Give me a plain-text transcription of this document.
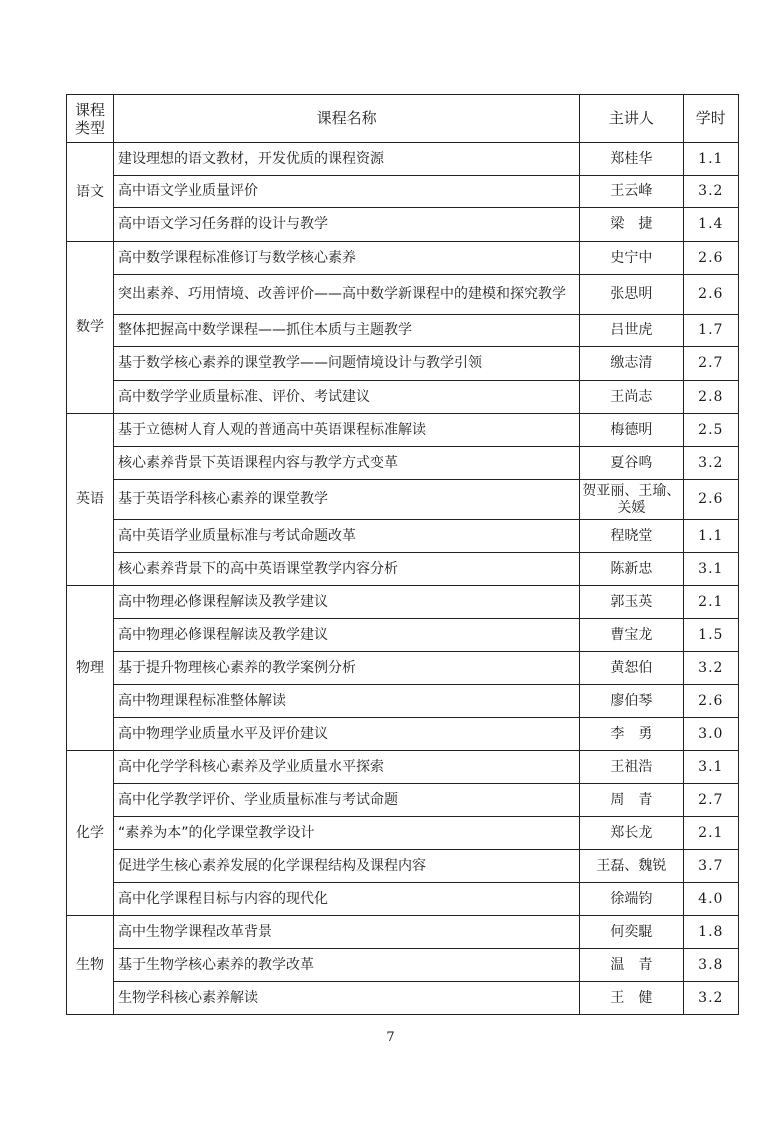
课程类型	课程名称	主讲人	学时
语文	建设理想的语文教材，开发优质的课程资源	郑桂华	1.1
	高中语文学业质量评价	王云峰	3.2
	高中语文学习任务群的设计与教学	梁　捷	1.4
数学	高中数学课程标准修订与数学核心素养	史宁中	2.6
	突出素养、巧用情境、改善评价——高中数学新课程中的建模和探究教学	张思明	2.6
	整体把握高中数学课程——抓住本质与主题教学	吕世虎	1.7
	基于数学核心素养的课堂教学——问题情境设计与教学引领	缴志清	2.7
	高中数学学业质量标准、评价、考试建议	王尚志	2.8
英语	基于立德树人育人观的普通高中英语课程标准解读	梅德明	2.5
	核心素养背景下英语课程内容与教学方式变革	夏谷鸣	3.2
	基于英语学科核心素养的课堂教学	贺亚丽、王瑜、关媛	2.6
	高中英语学业质量标准与考试命题改革	程晓堂	1.1
	核心素养背景下的高中英语课堂教学内容分析	陈新忠	3.1
物理	高中物理必修课程解读及教学建议	郭玉英	2.1
	高中物理必修课程解读及教学建议	曹宝龙	1.5
	基于提升物理核心素养的教学案例分析	黄恕伯	3.2
	高中物理课程标准整体解读	廖伯琴	2.6
	高中物理学业质量水平及评价建议	李　勇	3.0
化学	高中化学学科核心素养及学业质量水平探索	王祖浩	3.1
	高中化学教学评价、学业质量标准与考试命题	周　青	2.7
	“素养为本”的化学课堂教学设计	郑长龙	2.1
	促进学生核心素养发展的化学课程结构及课程内容	王磊、魏锐	3.7
	高中化学课程目标与内容的现代化	徐端钧	4.0
生物	高中生物学课程改革背景	何奕騉	1.8
	基于生物学核心素养的教学改革	温　青	3.8
	生物学科核心素养解读	王　健	3.2
7
